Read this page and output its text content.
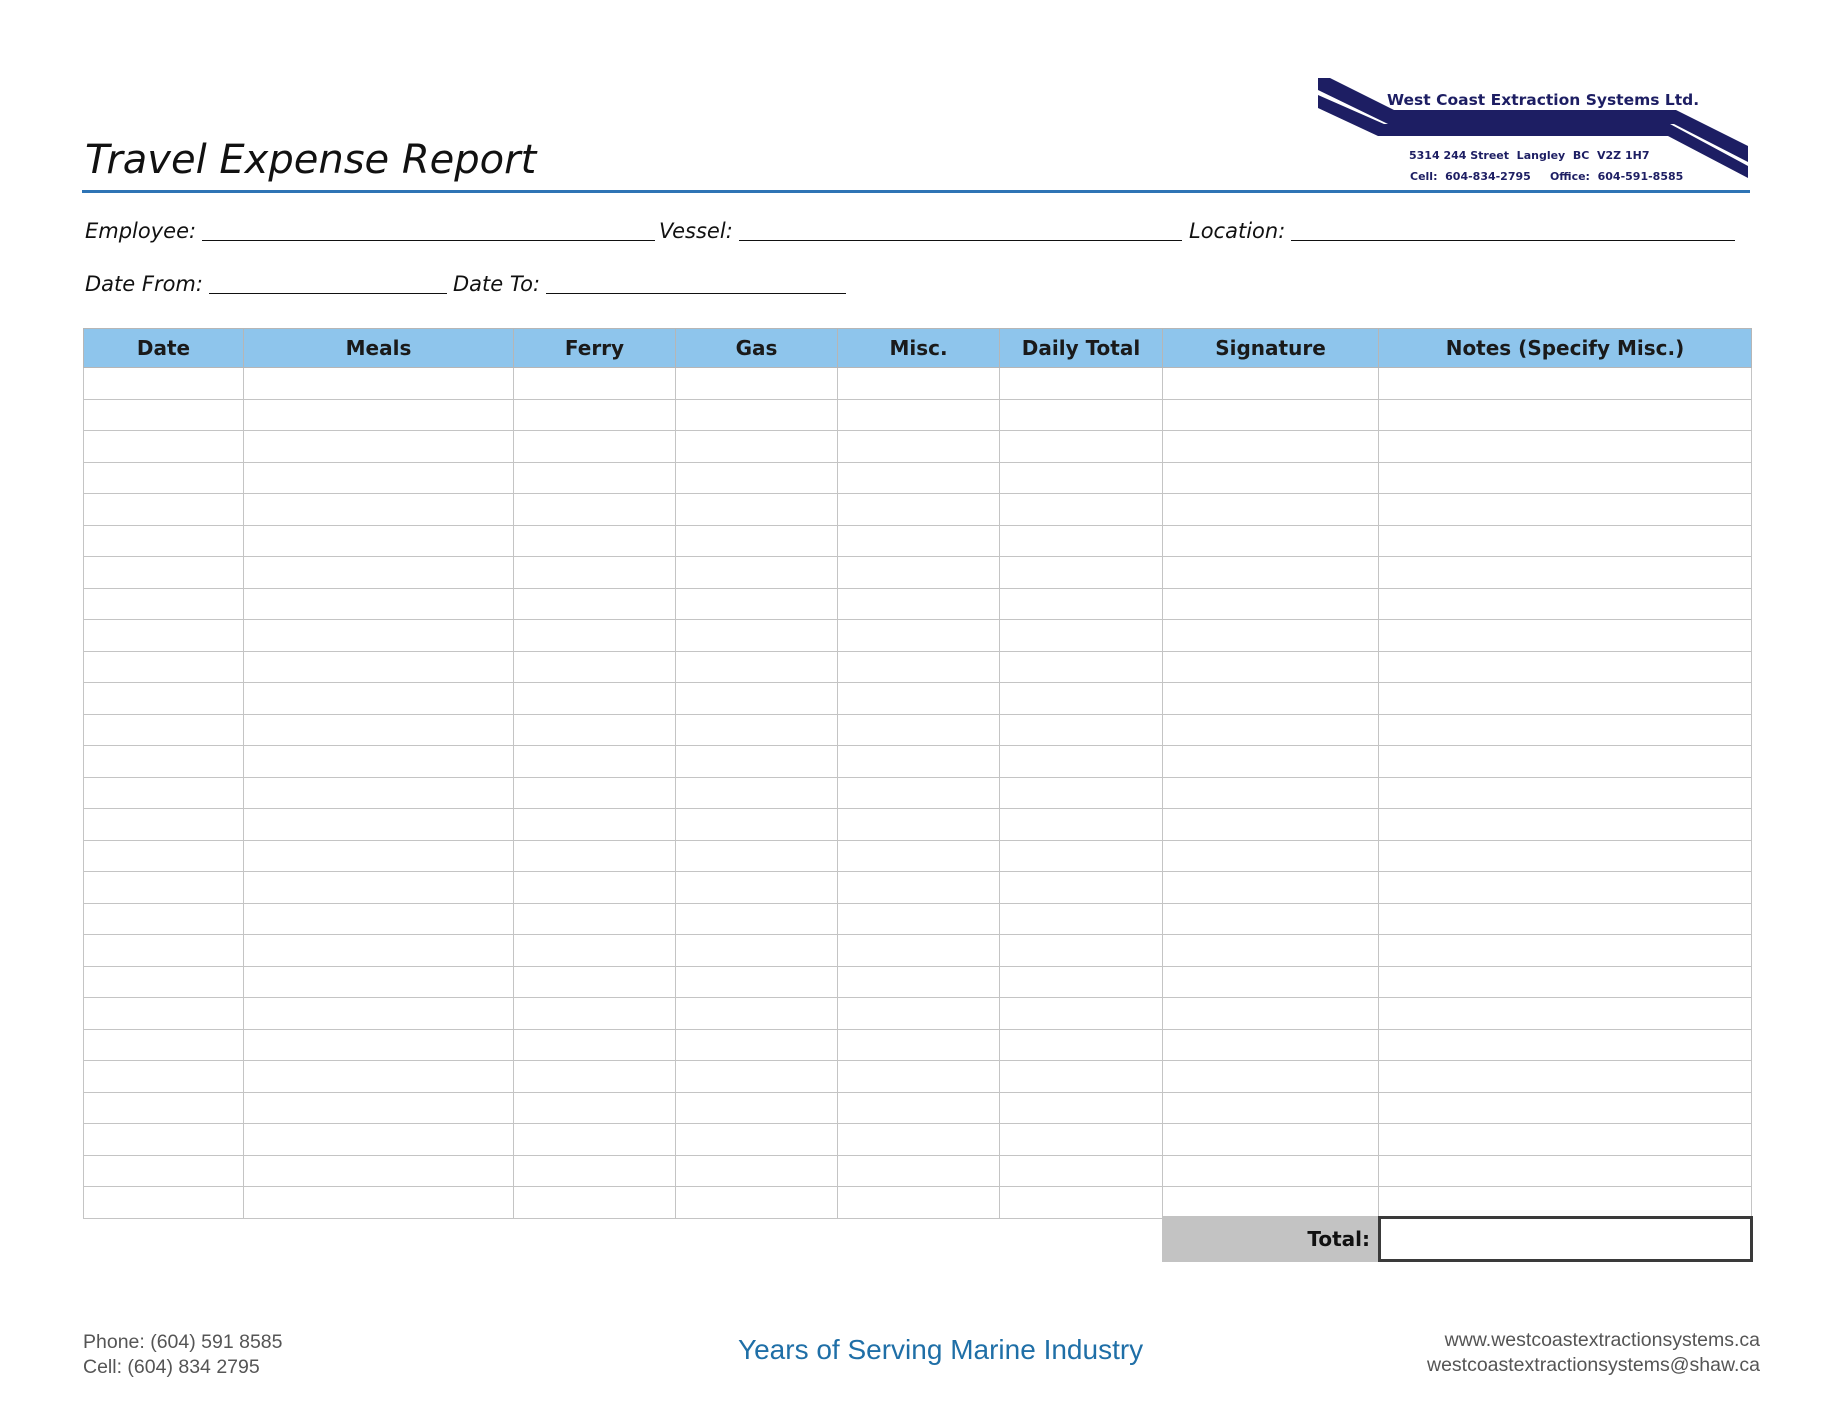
Travel Expense Report
West Coast Extraction Systems Ltd.
5314 244 Street  Langley  BC  V2Z 1H7
Cell:  604-834-2795     Office:  604-591-8585
Employee:	Vessel:	Location:
Date From:	Date To:
Date	Meals	Ferry	Gas	Misc.	Daily Total	Signature	Notes (Specify Misc.)

Total:
Phone: (604) 591 8585
Cell: (604) 834 2795
Years of Serving Marine Industry	www.westcoastextractionsystems.ca
westcoastextractionsystems@shaw.ca
